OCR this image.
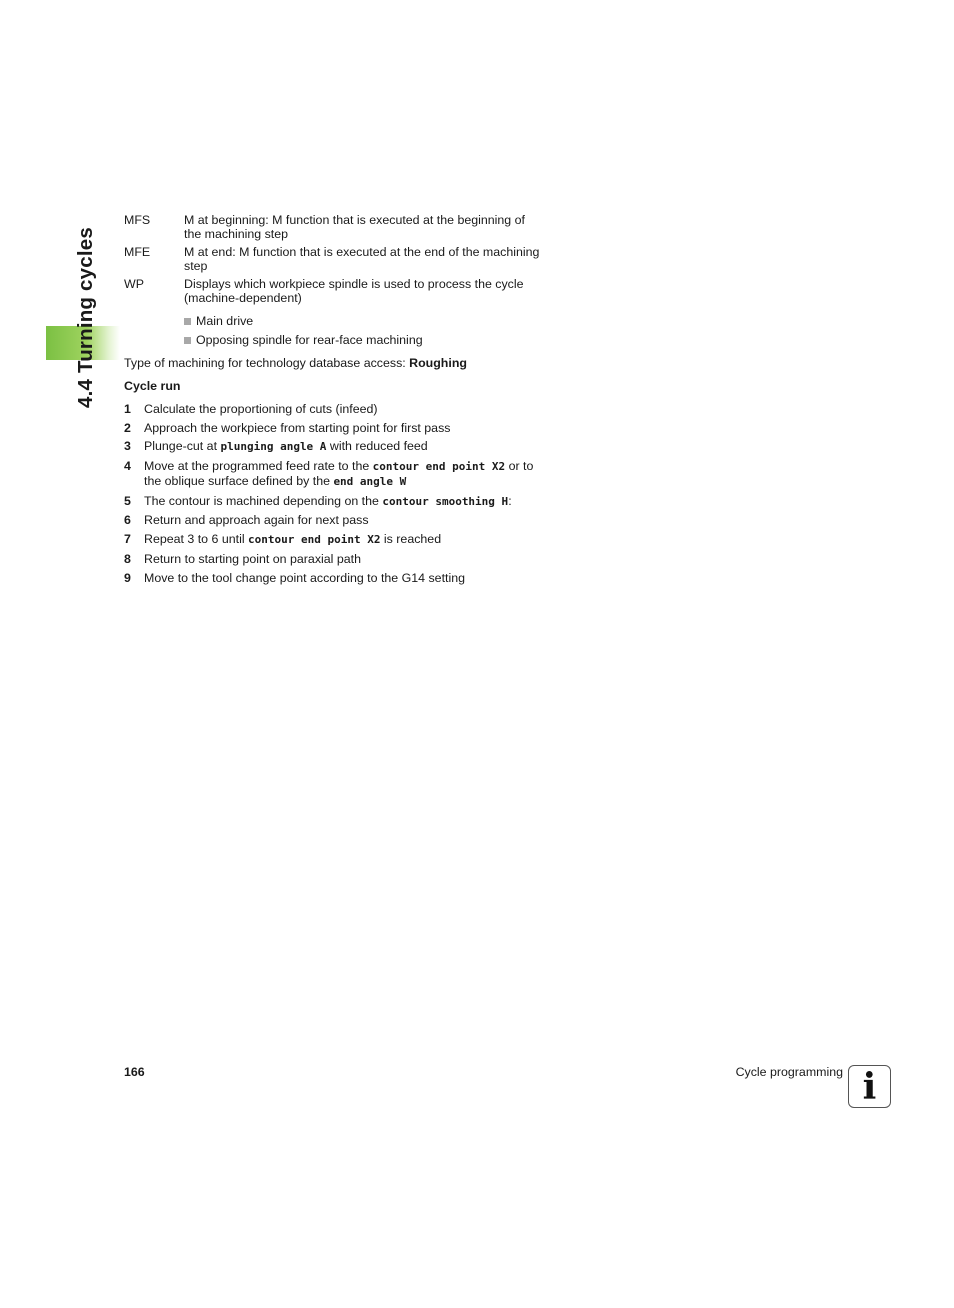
4.4 Turning cycles
MFS	M at beginning: M function that is executed at the beginning of the machining step
MFE	M at end: M function that is executed at the end of the machining step
WP	Displays which workpiece spindle is used to process the cycle (machine-dependent)
Main drive
Opposing spindle for rear-face machining
Type of machining for technology database access: Roughing
Cycle run
1	Calculate the proportioning of cuts (infeed)
2	Approach the workpiece from starting point for first pass
3	Plunge-cut at plunging angle A with reduced feed
4	Move at the programmed feed rate to the contour end point X2 or to the oblique surface defined by the end angle W
5	The contour is machined depending on the contour smoothing H:
6	Return and approach again for next pass
7	Repeat 3 to 6 until contour end point X2 is reached
8	Return to starting point on paraxial path
9	Move to the tool change point according to the G14 setting
166	Cycle programming i
